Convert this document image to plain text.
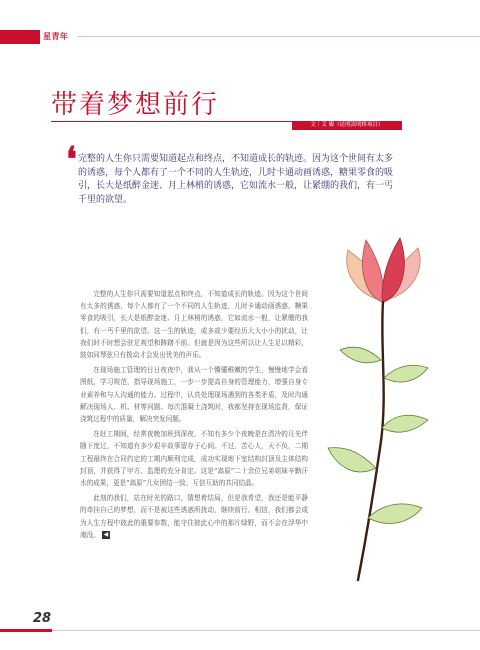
星青年
带着梦想前行
文｜艾 嫄（昆明嵩明桥项目）
❛ 完整的人生你只需要知道起点和终点，不知道成长的轨迹。因为这个世间有太多的诱惑，每个人都有了一个不同的人生轨迹，儿时卡通动画诱惑，糖果零食的吸引，长大是纸醉金迷、月上林梢的诱惑，它如流水一般，让紧绷的我们，有一丐千里的欲望。

完整的人生你只需要知道起点和终点，不知道成长的轨迹。因为这个世间有太多的诱惑，每个人都有了一个不同的人生轨迹，儿时卡通动画诱惑，糖果零食的吸引，长大是纸醉金迷、月上林梢的诱惑，它如流水一般，让紧绷的我们，有一丐千里的欲望。这一生的轨迹，或多或少要经历大大小小的扰动，让我们时不时想会驻足观望和踌躇不前。但就是因为这些所以让人生足以精彩，鼓如同琴弦只有拨动才会发出优美的声乐。

在现场施工管理的日日夜夜中，我从一个懵懂稚嫩的学生，慢慢地学会看图纸，学习规范，指导现场施工，一步一步提高自身的管理能力，增强自身专业素养和与人沟通的能力。过程中，认真处理现场遇到的各类矛盾，及时沟通解决现场人、机、材等问题。每次混凝土浇筑时，我都坚持在现场监督，保证浇筑过程中的质量，解决突发问题。

在赶工期间，经常夜晚加班到深夜，不知有多少个夜晚是在清冷的月光伴随下度过，不知道有多少艰辛故事留存于心间。不过，苦心人，天不负，二期工程最终在合同约定的工期内顺利完成，成功实现地下室结构封顶及主体结构封顶，并获得了甲方、监理的充分肯定。这是“嵩原”二十余位兄弟姐妹辛勤汗水的成果，更是“嵩原”儿女团结一致、互信互助的共同结晶。

此刻的我们，站在时光的路口，猜想着结局，但是我希望，我还是能平静的牵挂自己的梦想，而不是被这些诱惑所扰动，继续前行。相信，我们都会成为人生方程中彼此的重要参数，能守住彼此心中的那片绿野，而不会在浮华中淹没。 ◀

28
